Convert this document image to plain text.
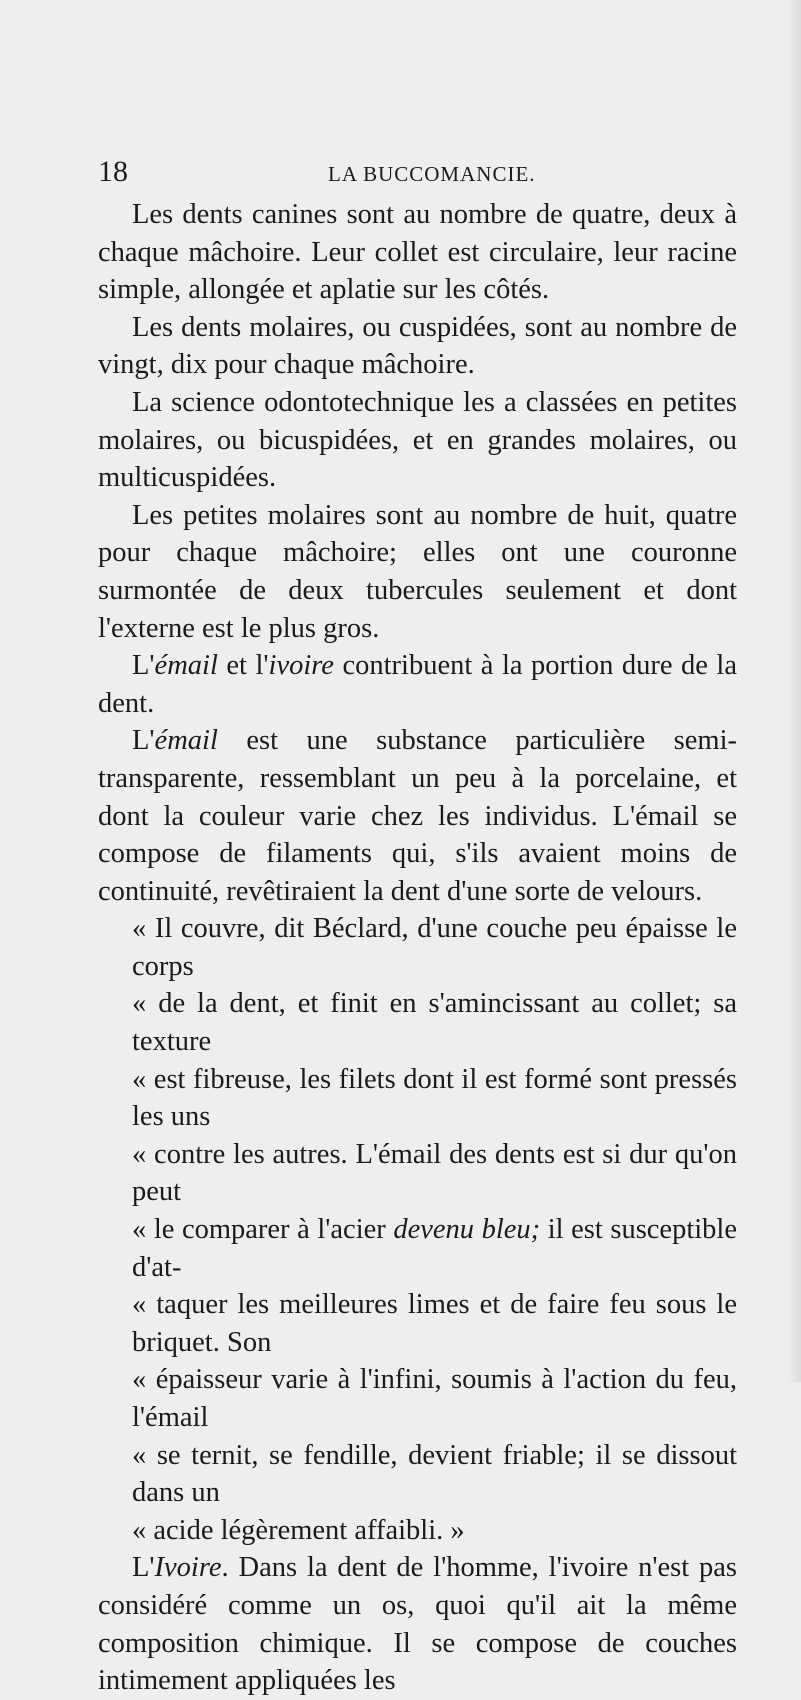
18	LA BUCCOMANCIE.

Les dents canines sont au nombre de quatre, deux à chaque mâchoire. Leur collet est circulaire, leur racine simple, allongée et aplatie sur les côtés.

Les dents molaires, ou cuspidées, sont au nombre de vingt, dix pour chaque mâchoire.

La science odontotechnique les a classées en petites molaires, ou bicuspidées, et en grandes molaires, ou multicuspidées.

Les petites molaires sont au nombre de huit, quatre pour chaque mâchoire; elles ont une couronne surmontée de deux tubercules seulement et dont l'externe est le plus gros.

L'émail et l'ivoire contribuent à la portion dure de la dent.

L'émail est une substance particulière semi-transparente, ressemblant un peu à la porcelaine, et dont la couleur varie chez les individus. L'émail se compose de filaments qui, s'ils avaient moins de continuité, revêtiraient la dent d'une sorte de velours.

« Il couvre, dit Béclard, d'une couche peu épaisse le corps

« de la dent, et finit en s'amincissant au collet; sa texture

« est fibreuse, les filets dont il est formé sont pressés les uns

« contre les autres. L'émail des dents est si dur qu'on peut

« le comparer à l'acier devenu bleu; il est susceptible d'at-

« taquer les meilleures limes et de faire feu sous le briquet. Son

« épaisseur varie à l'infini, soumis à l'action du feu, l'émail

« se ternit, se fendille, devient friable; il se dissout dans un

« acide légèrement affaibli. »

L'Ivoire. Dans la dent de l'homme, l'ivoire n'est pas considéré comme un os, quoi qu'il ait la même composition chimique. Il se compose de couches intimement appliquées les
